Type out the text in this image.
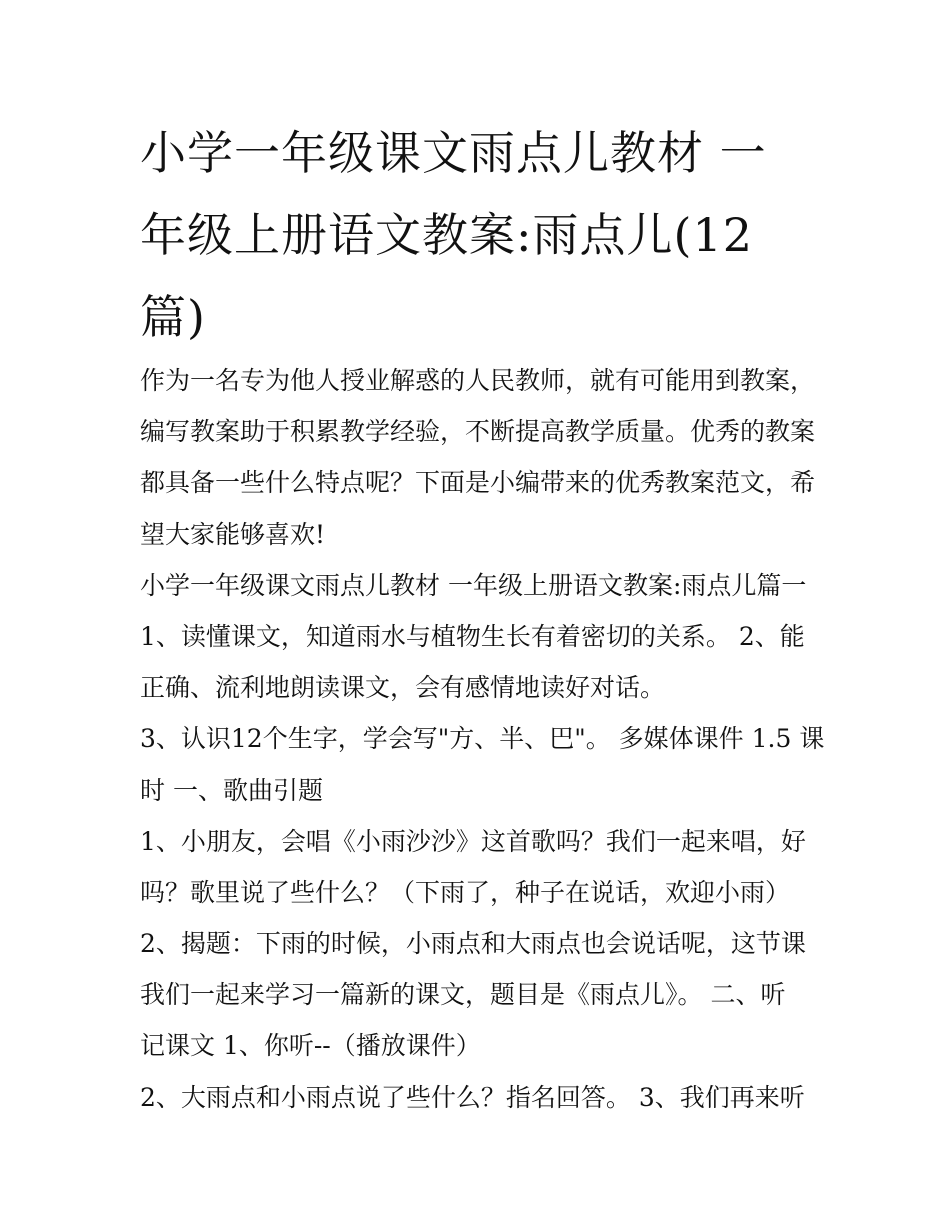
小学一年级课文雨点儿教材 一
年级上册语文教案:雨点儿(12
篇)
作为一名专为他人授业解惑的人民教师，就有可能用到教案，
编写教案助于积累教学经验，不断提高教学质量。优秀的教案
都具备一些什么特点呢？下面是小编带来的优秀教案范文，希
望大家能够喜欢!
小学一年级课文雨点儿教材 一年级上册语文教案:雨点儿篇一
1、读懂课文，知道雨水与植物生长有着密切的关系。 2、能
正确、流利地朗读课文，会有感情地读好对话。
3、认识12个生字，学会写"方、半、巴"。 多媒体课件 1.5 课
时 一、歌曲引题
1、小朋友，会唱《小雨沙沙》这首歌吗？我们一起来唱，好
吗？歌里说了些什么？（下雨了，种子在说话，欢迎小雨）
2、揭题：下雨的时候，小雨点和大雨点也会说话呢，这节课
我们一起来学习一篇新的课文，题目是《雨点儿》。 二、听
记课文 1、你听--（播放课件）
2、大雨点和小雨点说了些什么？指名回答。 3、我们再来听
